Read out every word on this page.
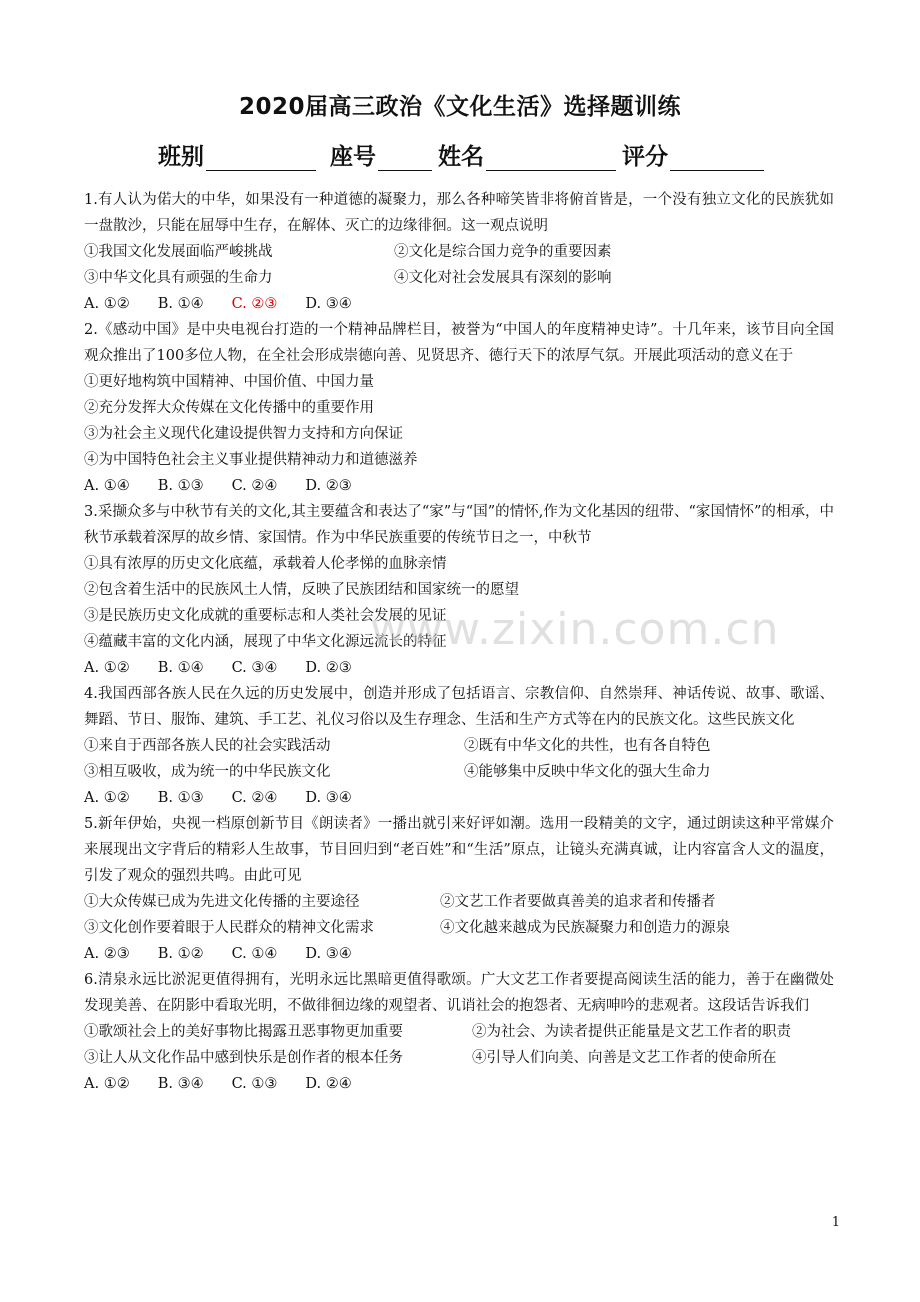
2020届高三政治《文化生活》选择题训练
班别	座号	姓名	评分
1.有人认为偌大的中华，如果没有一种道德的凝聚力，那么各种啼笑皆非将俯首皆是，一个没有独立文化的民族犹如一盘散沙，只能在屈辱中生存，在解体、灭亡的边缘徘徊。这一观点说明
①我国文化发展面临严峻挑战	②文化是综合国力竞争的重要因素
③中华文化具有顽强的生命力	④文化对社会发展具有深刻的影响
A. ①② B. ①④ C. ②③ D. ③④
2.《感动中国》是中央电视台打造的一个精神品牌栏目，被誉为“中国人的年度精神史诗”。十几年来，该节目向全国观众推出了100多位人物，在全社会形成崇德向善、见贤思齐、德行天下的浓厚气氛。开展此项活动的意义在于
①更好地构筑中国精神、中国价值、中国力量
②充分发挥大众传媒在文化传播中的重要作用
③为社会主义现代化建设提供智力支持和方向保证
④为中国特色社会主义事业提供精神动力和道德滋养
A. ①④ B. ①③ C. ②④ D. ②③
3.采撷众多与中秋节有关的文化,其主要蕴含和表达了“家”与“国”的情怀,作为文化基因的纽带、“家国情怀”的相承，中秋节承载着深厚的故乡情、家国情。作为中华民族重要的传统节日之一，中秋节
①具有浓厚的历史文化底蕴，承载着人伦孝悌的血脉亲情
②包含着生活中的民族风土人情，反映了民族团结和国家统一的愿望
③是民族历史文化成就的重要标志和人类社会发展的见证
④蕴藏丰富的文化内涵，展现了中华文化源远流长的特征
A. ①② B. ①④ C. ③④ D. ②③
4.我国西部各族人民在久远的历史发展中，创造并形成了包括语言、宗教信仰、自然崇拜、神话传说、故事、歌谣、舞蹈、节日、服饰、建筑、手工艺、礼仪习俗以及生存理念、生活和生产方式等在内的民族文化。这些民族文化
①来自于西部各族人民的社会实践活动	②既有中华文化的共性，也有各自特色
③相互吸收，成为统一的中华民族文化	④能够集中反映中华文化的强大生命力
A. ①② B. ①③ C. ②④ D. ③④
5.新年伊始，央视一档原创新节目《朗读者》一播出就引来好评如潮。选用一段精美的文字，通过朗读这种平常媒介来展现出文字背后的精彩人生故事，节目回归到“老百姓”和“生活”原点，让镜头充满真诚，让内容富含人文的温度，引发了观众的强烈共鸣。由此可见
①大众传媒已成为先进文化传播的主要途径	②文艺工作者要做真善美的追求者和传播者
③文化创作要着眼于人民群众的精神文化需求	④文化越来越成为民族凝聚力和创造力的源泉
A. ②③ B. ①② C. ①④ D. ③④
6.清泉永远比淤泥更值得拥有，光明永远比黑暗更值得歌颂。广大文艺工作者要提高阅读生活的能力，善于在幽微处发现美善、在阴影中看取光明，不做徘徊边缘的观望者、讥诮社会的抱怨者、无病呻吟的悲观者。这段话告诉我们
①歌颂社会上的美好事物比揭露丑恶事物更加重要	②为社会、为读者提供正能量是文艺工作者的职责
③让人从文化作品中感到快乐是创作者的根本任务	④引导人们向美、向善是文艺工作者的使命所在
A. ①② B. ③④ C. ①③ D. ②④
www.zixin.com.cn
1
